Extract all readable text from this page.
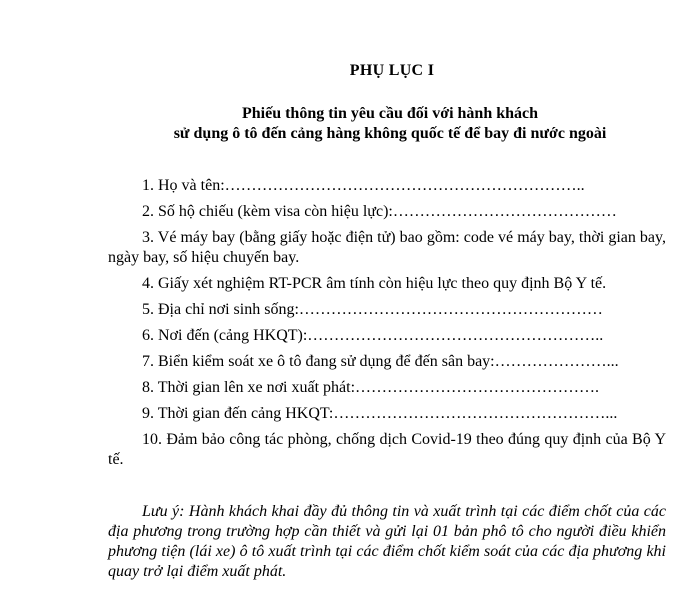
PHỤ LỤC I
Phiếu thông tin yêu cầu đối với hành khách
sử dụng ô tô đến cảng hàng không quốc tế để bay đi nước ngoài
1. Họ và tên:…………………………………………………………..
2. Số hộ chiếu (kèm visa còn hiệu lực):……………………………………
3. Vé máy bay (bằng giấy hoặc điện tử) bao gồm: code vé máy bay, thời gian bay, ngày bay, số hiệu chuyến bay.
4. Giấy xét nghiệm RT-PCR âm tính còn hiệu lực theo quy định Bộ Y tế.
5. Địa chỉ nơi sinh sống:…………………………………………………
6. Nơi đến (cảng HKQT):………………………………………………..
7. Biển kiểm soát xe ô tô đang sử dụng để đến sân bay:…………………...
8. Thời gian lên xe nơi xuất phát:……………………………………….
9. Thời gian đến cảng HKQT:……………………………………………...
10. Đảm bảo công tác phòng, chống dịch Covid-19 theo đúng quy định của Bộ Y tế.
Lưu ý: Hành khách khai đầy đủ thông tin và xuất trình tại các điểm chốt của các địa phương trong trường hợp cần thiết và gửi lại 01 bản phô tô cho người điều khiển phương tiện (lái xe) ô tô xuất trình tại các điểm chốt kiểm soát của các địa phương khi quay trở lại điểm xuất phát.
